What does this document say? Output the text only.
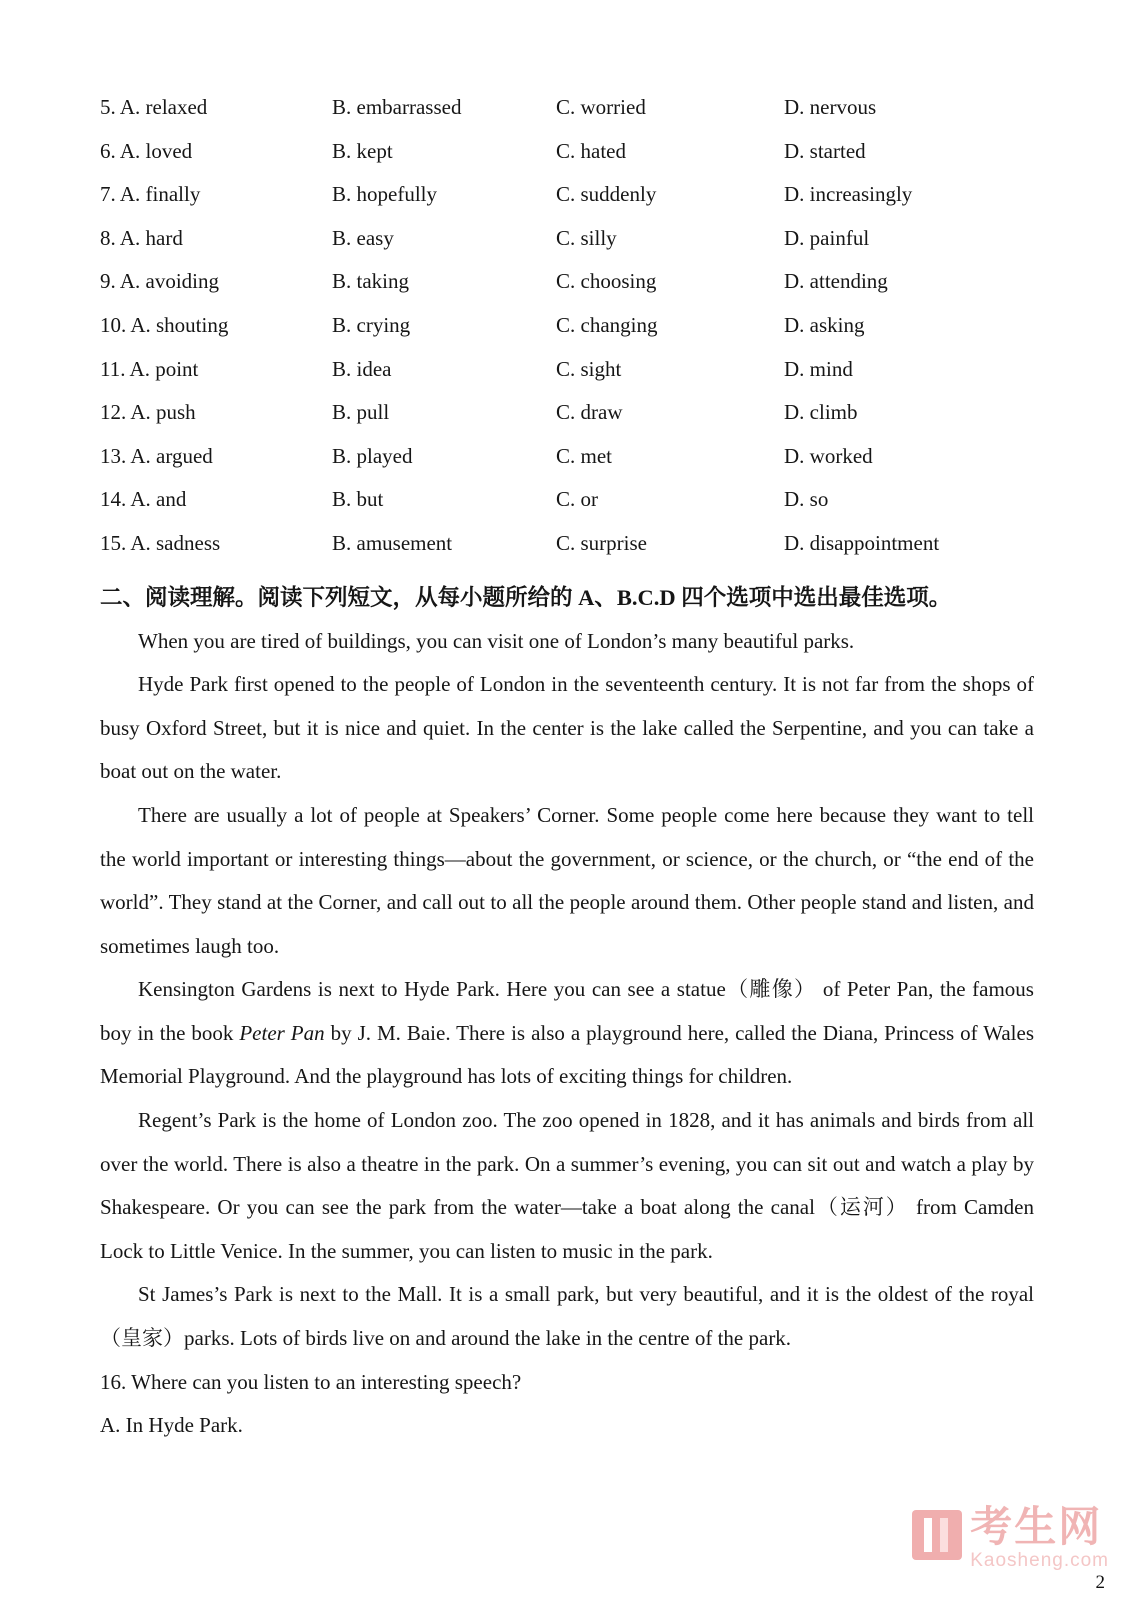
5. A. relaxed	B. embarrassed	C. worried	D. nervous
6. A. loved	B. kept	C. hated	D. started
7. A. finally	B. hopefully	C. suddenly	D. increasingly
8. A. hard	B. easy	C. silly	D. painful
9. A. avoiding	B. taking	C. choosing	D. attending
10. A. shouting	B. crying	C. changing	D. asking
11. A. point	B. idea	C. sight	D. mind
12. A. push	B. pull	C. draw	D. climb
13. A. argued	B. played	C. met	D. worked
14. A. and	B. but	C. or	D. so
15. A. sadness	B. amusement	C. surprise	D. disappointment
二、阅读理解。阅读下列短文，从每小题所给的 A、B.C.D 四个选项中选出最佳选项。

When you are tired of buildings, you can visit one of London’s many beautiful parks.

Hyde Park first opened to the people of London in the seventeenth century. It is not far from the shops of busy Oxford Street, but it is nice and quiet. In the center is the lake called the Serpentine, and you can take a boat out on the water.

There are usually a lot of people at Speakers’ Corner. Some people come here because they want to tell the world important or interesting things—about the government, or science, or the church, or “the end of the world”. They stand at the Corner, and call out to all the people around them. Other people stand and listen, and sometimes laugh too.

Kensington Gardens is next to Hyde Park. Here you can see a statue（雕像） of Peter Pan, the famous boy in the book Peter Pan by J. M. Baie. There is also a playground here, called the Diana, Princess of Wales Memorial Playground. And the playground has lots of exciting things for children.

Regent’s Park is the home of London zoo. The zoo opened in 1828, and it has animals and birds from all over the world. There is also a theatre in the park. On a summer’s evening, you can sit out and watch a play by Shakespeare. Or you can see the park from the water—take a boat along the canal（运河） from Camden Lock to Little Venice. In the summer, you can listen to music in the park.

St James’s Park is next to the Mall. It is a small park, but very beautiful, and it is the oldest of the royal（皇家）parks. Lots of birds live on and around the lake in the centre of the park.

16. Where can you listen to an interesting speech?

A. In Hyde Park.

考生网
Kaosheng.com
2
